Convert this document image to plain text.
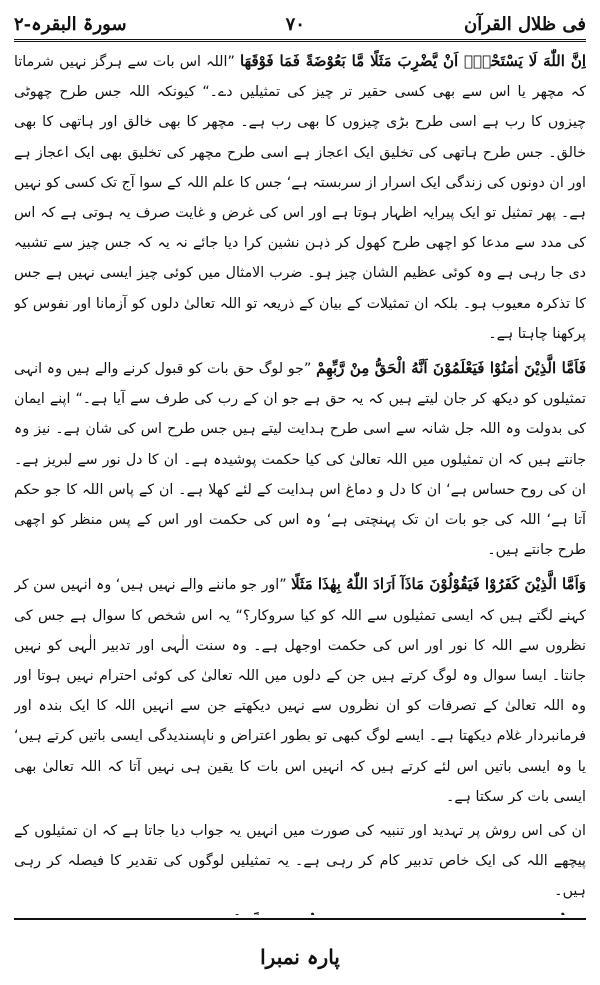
سورۃ البقرہ-۲	۷۰	فی ظلال القرآن

اِنَّ اللّٰهَ لَا يَسْتَحْيِۤ اَنْ يَّضْرِبَ مَثَلًا مَّا بَعُوْضَةً فَمَا فَوْقَهَا ”اللہ اس بات سے ہرگز نہیں شرماتا کہ مچھر یا اس سے بھی کسی حقیر تر چیز کی تمثیلیں دے۔“ کیونکہ اللہ جس طرح چھوٹی چیزوں کا رب ہے اسی طرح بڑی چیزوں کا بھی رب ہے۔ مچھر کا بھی خالق اور ہاتھی کا بھی خالق۔ جس طرح ہاتھی کی تخلیق ایک اعجاز ہے اسی طرح مچھر کی تخلیق بھی ایک اعجاز ہے اور ان دونوں کی زندگی ایک اسرار از سربستہ ہے‘ جس کا علم اللہ کے سوا آج تک کسی کو نہیں ہے۔ پھر تمثیل تو ایک پیرایہ اظہار ہوتا ہے اور اس کی غرض و غایت صرف یہ ہوتی ہے کہ اس کی مدد سے مدعا کو اچھی طرح کھول کر ذہن نشین کرا دیا جائے نہ یہ کہ جس چیز سے تشبیہ دی جا رہی ہے وہ کوئی عظیم الشان چیز ہو۔ ضرب الامثال میں کوئی چیز ایسی نہیں ہے جس کا تذکرہ معیوب ہو۔ بلکہ ان تمثیلات کے بیان کے ذریعہ تو اللہ تعالیٰ دلوں کو آزمانا اور نفوس کو پرکھنا چاہتا ہے۔

فَاَمَّا الَّذِيْنَ اٰمَنُوْا فَيَعْلَمُوْنَ اَنَّهُ الْحَقُّ مِنْ رَّبِّهِمْ ”جو لوگ حق بات کو قبول کرنے والے ہیں وہ انہی تمثیلوں کو دیکھ کر جان لیتے ہیں کہ یہ حق ہے جو ان کے رب کی طرف سے آیا ہے۔“ اپنے ایمان کی بدولت وہ اللہ جل شانہ سے اسی طرح ہدایت لیتے ہیں جس طرح اس کی شان ہے۔ نیز وہ جانتے ہیں کہ ان تمثیلوں میں اللہ تعالیٰ کی کیا حکمت پوشیدہ ہے۔ ان کا دل نور سے لبریز ہے۔ ان کی روح حساس ہے‘ ان کا دل و دماغ اس ہدایت کے لئے کھلا ہے۔ ان کے پاس اللہ کا جو حکم آتا ہے‘ اللہ کی جو بات ان تک پہنچتی ہے‘ وہ اس کی حکمت اور اس کے پس منظر کو اچھی طرح جانتے ہیں۔

وَاَمَّا الَّذِيْنَ كَفَرُوْا فَيَقُوْلُوْنَ مَاذَآ اَرَادَ اللّٰهُ بِهٰذَا مَثَلًا ”اور جو ماننے والے نہیں ہیں‘ وہ انہیں سن کر کہنے لگتے ہیں کہ ایسی تمثیلوں سے اللہ کو کیا سروکار؟“ یہ اس شخص کا سوال ہے جس کی نظروں سے اللہ کا نور اور اس کی حکمت اوجھل ہے۔ وہ سنت الٰہی اور تدبیر الٰہی کو نہیں جانتا۔ ایسا سوال وہ لوگ کرتے ہیں جن کے دلوں میں اللہ تعالیٰ کی کوئی احترام نہیں ہوتا اور وہ اللہ تعالیٰ کے تصرفات کو ان نظروں سے نہیں دیکھتے جن سے انہیں اللہ کا ایک بندہ اور فرمانبردار غلام دیکھتا ہے۔ ایسے لوگ کبھی تو بطور اعتراض و ناپسندیدگی ایسی باتیں کرتے ہیں‘ یا وہ ایسی باتیں اس لئے کرتے ہیں کہ انہیں اس بات کا یقین ہی نہیں آتا کہ اللہ تعالیٰ بھی ایسی بات کر سکتا ہے۔

ان کی اس روش پر تہدید اور تنبیہ کی صورت میں انہیں یہ جواب دیا جاتا ہے کہ ان تمثیلوں کے پیچھے اللہ کی ایک خاص تدبیر کام کر رہی ہے۔ یہ تمثیلیں لوگوں کی تقدیر کا فیصلہ کر رہی ہیں۔

پارہ نمبرا
